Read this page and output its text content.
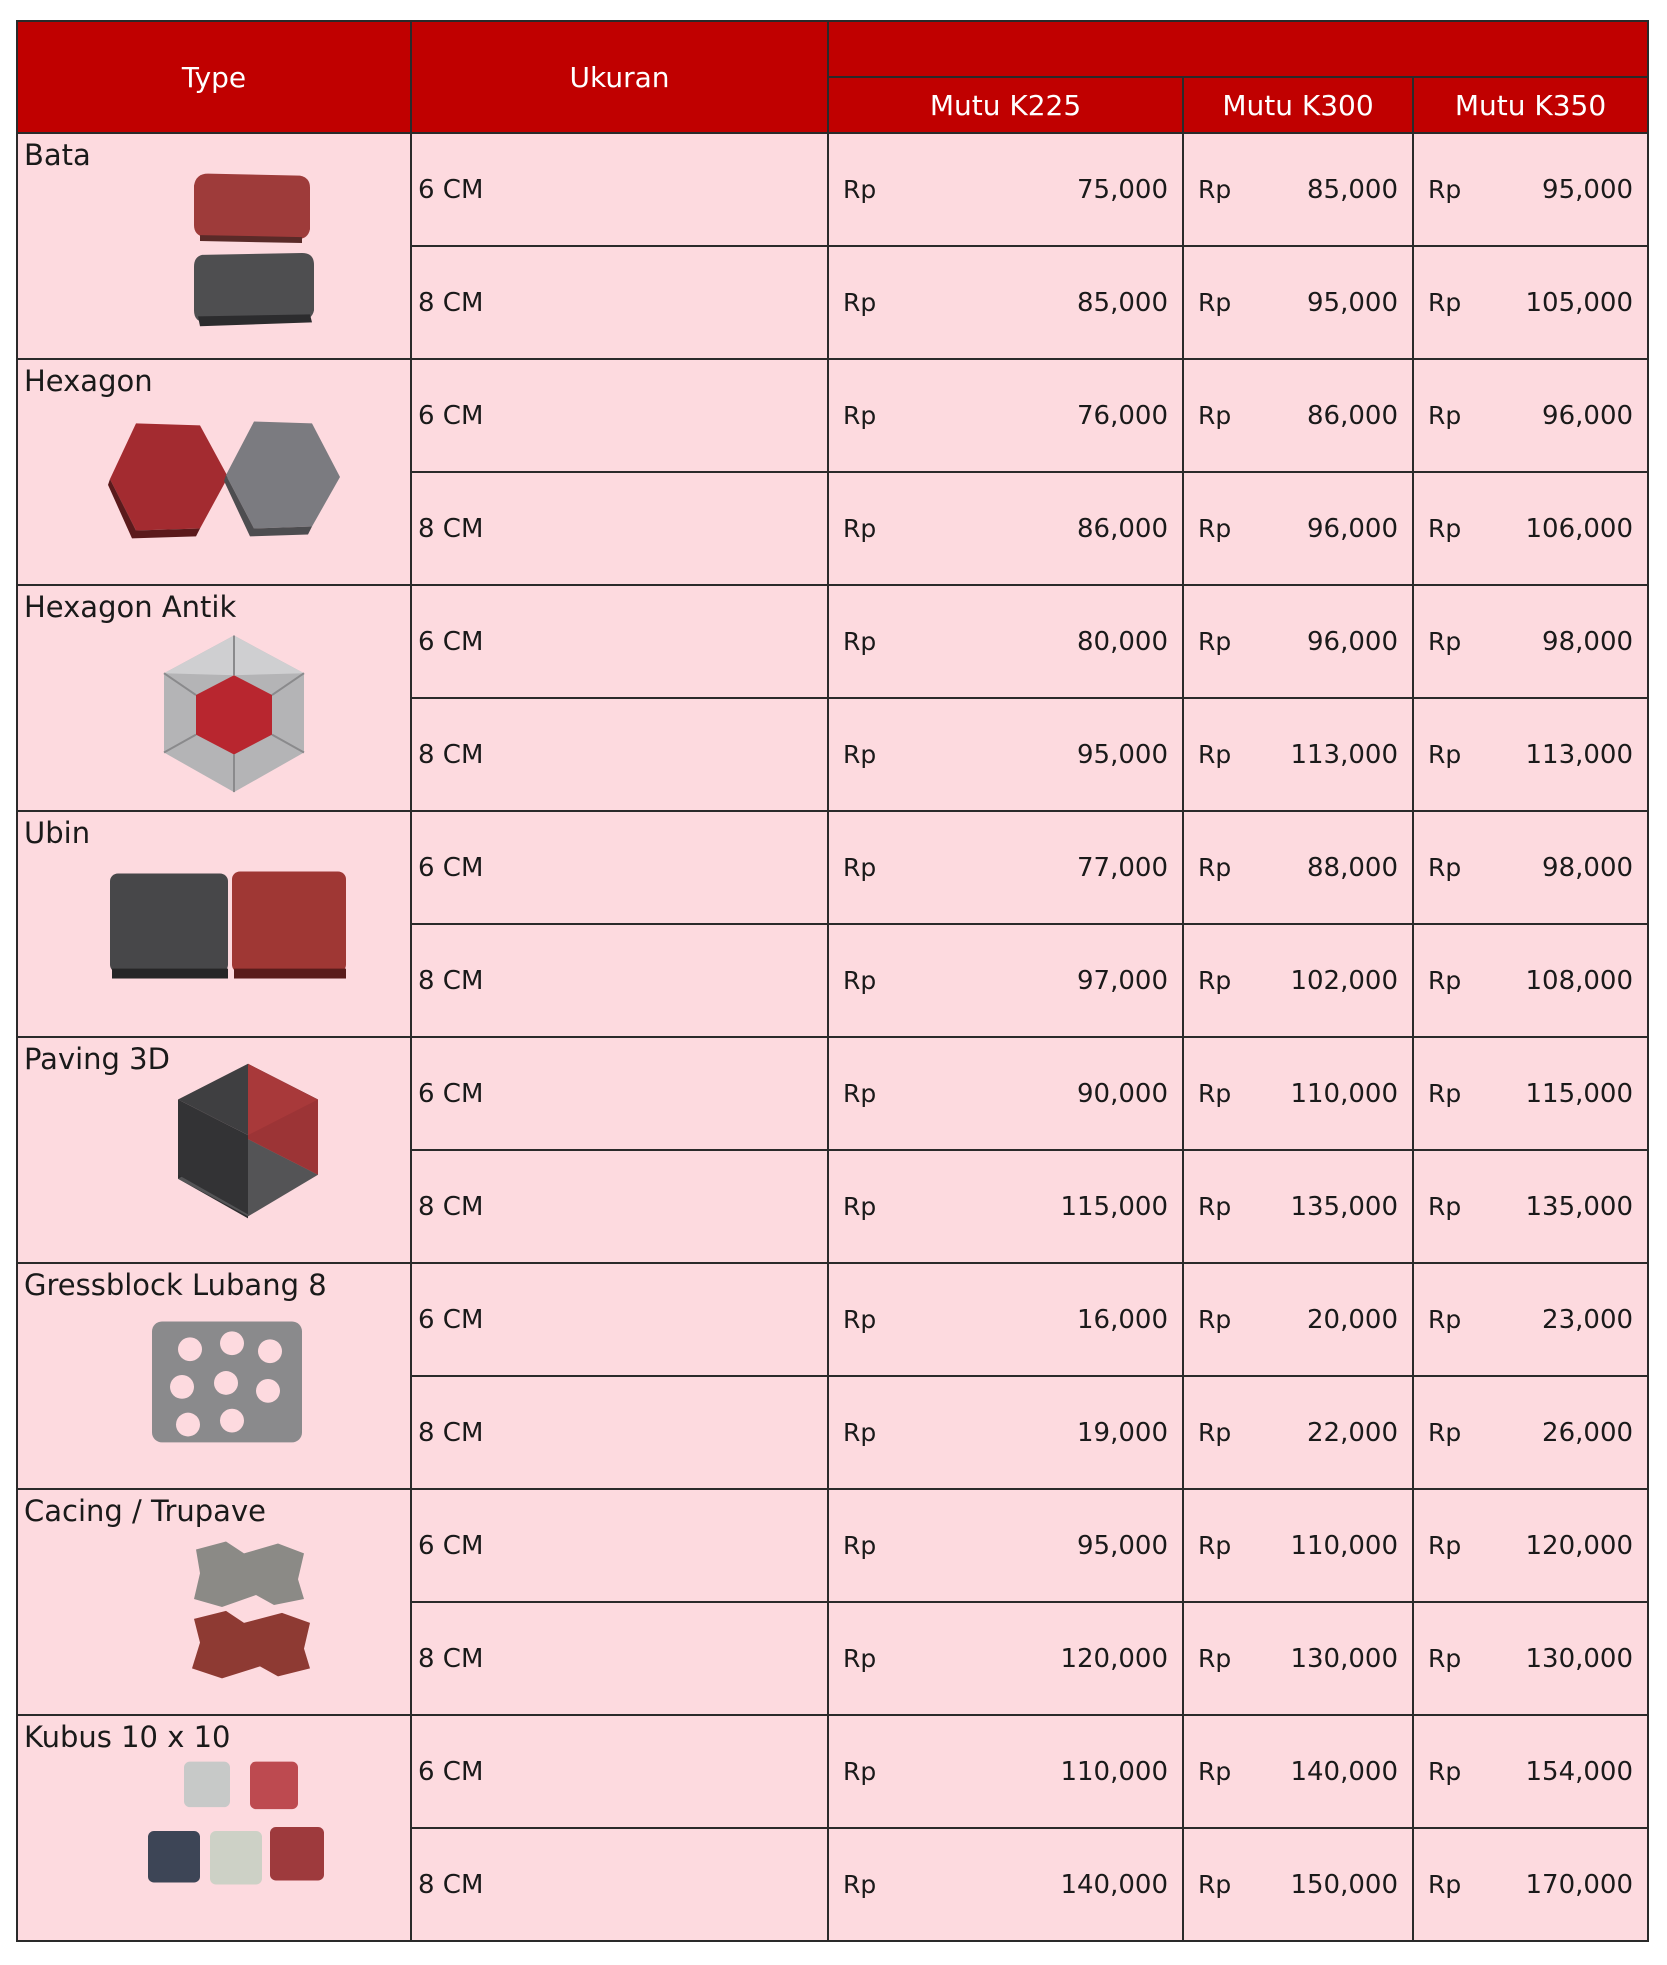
Type	Ukuran			
		Mutu K225	Mutu K300	Mutu K350

Bata	6 CM	Rp 75,000	Rp 85,000	Rp 95,000

	8 CM	Rp 85,000	Rp 95,000	Rp 105,000

Hexagon	6 CM	Rp 76,000	Rp 86,000	Rp 96,000

	8 CM	Rp 86,000	Rp 96,000	Rp 106,000

Hexagon Antik	6 CM	Rp 80,000	Rp 96,000	Rp 98,000

	8 CM	Rp 95,000	Rp 113,000	Rp 113,000

Ubin	6 CM	Rp 77,000	Rp 88,000	Rp 98,000

	8 CM	Rp 97,000	Rp 102,000	Rp 108,000

Paving 3D	6 CM	Rp 90,000	Rp 110,000	Rp 115,000

	8 CM	Rp 115,000	Rp 135,000	Rp 135,000

Gressblock Lubang 8	6 CM	Rp 16,000	Rp 20,000	Rp 23,000

	8 CM	Rp 19,000	Rp 22,000	Rp 26,000

Cacing / Trupave	6 CM	Rp 95,000	Rp 110,000	Rp 120,000

	8 CM	Rp 120,000	Rp 130,000	Rp 130,000

Kubus 10 x 10	6 CM	Rp 110,000	Rp 140,000	Rp 154,000

	8 CM	Rp 140,000	Rp 150,000	Rp 170,000
